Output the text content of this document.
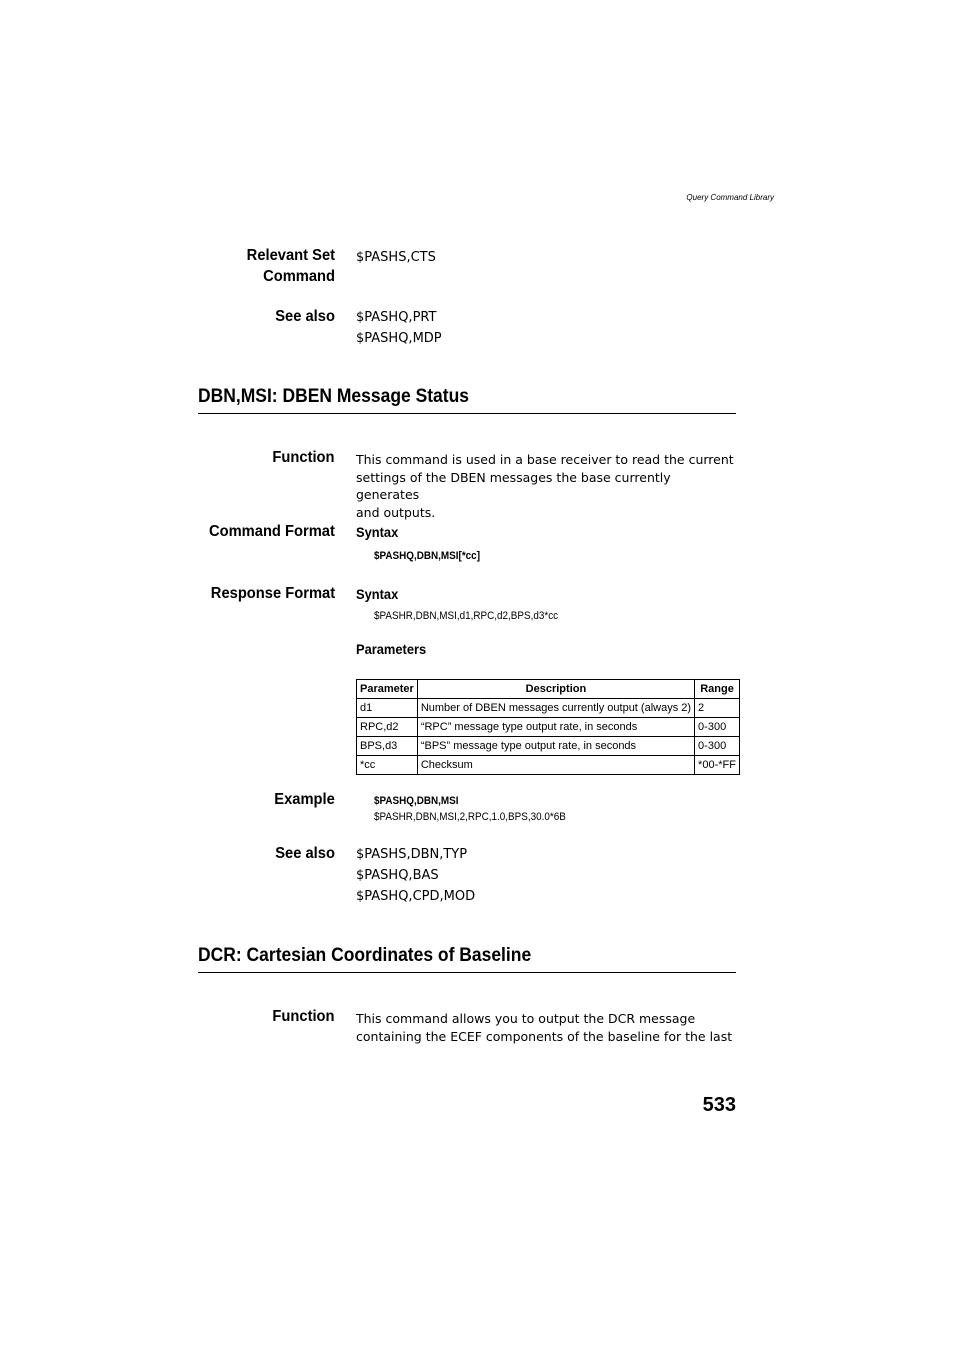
Query Command Library
Relevant Set
Command
$PASHS,CTS
See also $PASHQ,PRT
$PASHQ,MDP
DBN,MSI: DBEN Message Status
Function This command is used in a base receiver to read the current
settings of the DBEN messages the base currently generates
and outputs.
Command Format Syntax
$PASHQ,DBN,MSI[*cc]
Response Format Syntax
$PASHR,DBN,MSI,d1,RPC,d2,BPS,d3*cc
Parameters
Parameter	Description	Range
d1	Number of DBEN messages currently output (always 2)	2
RPC,d2	“RPC” message type output rate, in seconds	0-300
BPS,d3	“BPS” message type output rate, in seconds	0-300
*cc	Checksum	*00-*FF
Example	$PASHQ,DBN,MSI
$PASHR,DBN,MSI,2,RPC,1.0,BPS,30.0*6B
See also $PASHS,DBN,TYP
$PASHQ,BAS
$PASHQ,CPD,MOD
DCR: Cartesian Coordinates of Baseline
Function This command allows you to output the DCR message
containing the ECEF components of the baseline for the last
533
